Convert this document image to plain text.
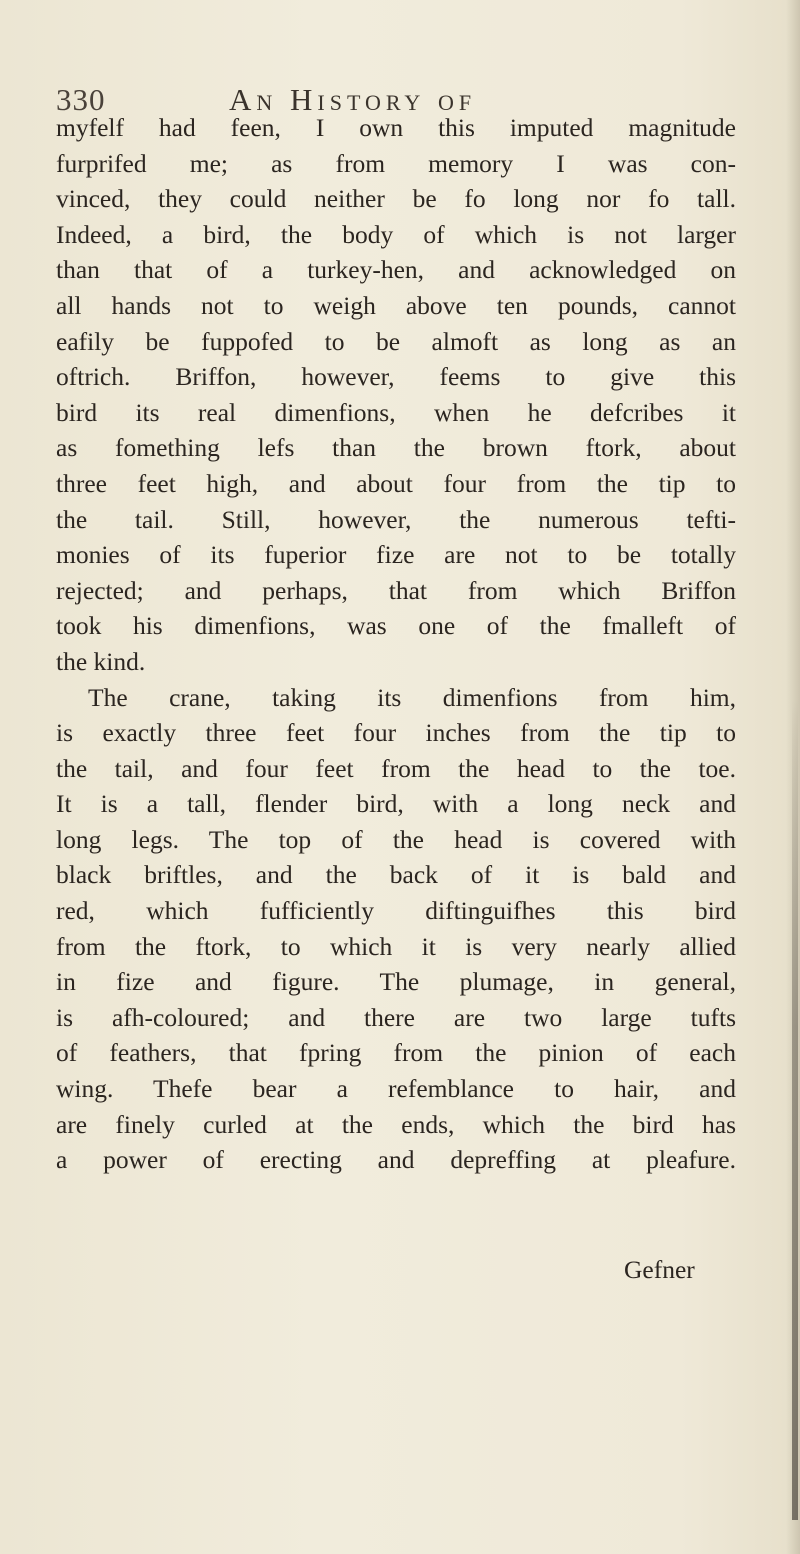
330	An History of
myfelf had feen, I own this imputed magnitude
furprifed me; as from memory I was con-
vinced, they could neither be fo long nor fo tall.
Indeed, a bird, the body of which is not larger
than that of a turkey-hen, and acknowledged on
all hands not to weigh above ten pounds, cannot
eafily be fuppofed to be almoft as long as an
oftrich. Briffon, however, feems to give this
bird its real dimenfions, when he defcribes it
as fomething lefs than the brown ftork, about
three feet high, and about four from the tip to
the tail. Still, however, the numerous tefti-
monies of its fuperior fize are not to be totally
rejected; and perhaps, that from which Briffon
took his dimenfions, was one of the fmalleft of
the kind.
The crane, taking its dimenfions from him,
is exactly three feet four inches from the tip to
the tail, and four feet from the head to the toe.
It is a tall, flender bird, with a long neck and
long legs. The top of the head is covered with
black briftles, and the back of it is bald and
red, which fufficiently diftinguifhes this bird
from the ftork, to which it is very nearly allied
in fize and figure. The plumage, in general,
is afh-coloured; and there are two large tufts
of feathers, that fpring from the pinion of each
wing. Thefe bear a refemblance to hair, and
are finely curled at the ends, which the bird has
a power of erecting and depreffing at pleafure.
Gefner
